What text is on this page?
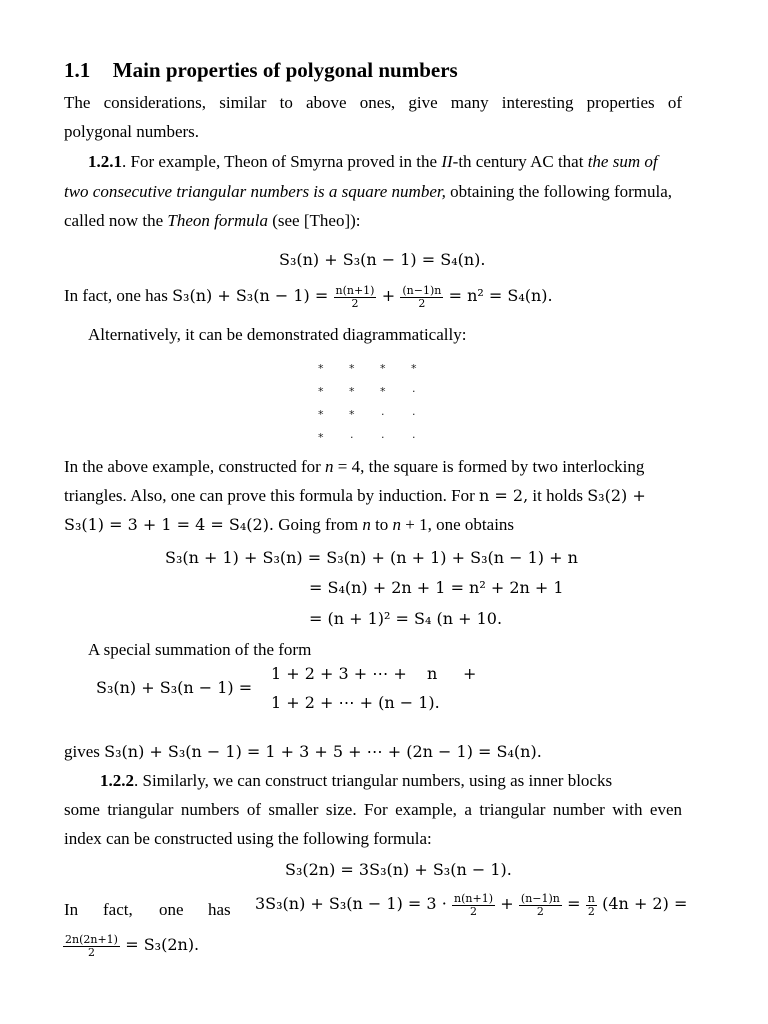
1.1 Main properties of polygonal numbers
The considerations, similar to above ones, give many interesting properties of
polygonal numbers.
1.2.1. For example, Theon of Smyrna proved in the II-th century AC that the sum of
two consecutive triangular numbers is a square number, obtaining the following formula,
called now the Theon formula (see [Theo]):
S₃(n) + S₃(n − 1) = S₄(n).
In fact, one has $S_3(n) + S_3(n - 1) = \frac{n(n+1)}{2} + \frac{(n-1)n}{2} = n^2 = S_4(n)$.
Alternatively, it can be demonstrated diagrammatically:
* * * *
* * * ·
* * ·	·
* ·	·	·
In the above example, constructed for n = 4, the square is formed by two interlocking
triangles. Also, one can prove this formula by induction. For n = 2, it holds S₃(2) +
S₃(1) = 3 + 1 = 4 = S₄(2). Going from n to n + 1, one obtains
S₃(n + 1) + S₃(n) = S₃(n) + (n + 1) + S₃(n − 1) + n
= S₄(n) + 2n + 1 = n² + 2n + 1
= (n + 1)² = S₄ (n + 10.
A special summation of the form
1 + 2 + 3 + ⋯ + n +
S₃(n) + S₃(n − 1) =
1 + 2 + ⋯ + (n − 1).
gives S₃(n) + S₃(n − 1) = 1 + 3 + 5 + ⋯ + (2n − 1) = S₄(n).
1.2.2. Similarly, we can construct triangular numbers, using as inner blocks
some triangular numbers of smaller size. For example, a triangular number with even
index can be constructed using the following formula:
S₃(2n) = 3S₃(n) + S₃(n − 1).
In fact, one has $3S_3(n) + S_3(n - 1) = 3 \cdot \frac{n(n+1)}{2} + \frac{(n-1)n}{2} = \frac{n}{2} (4n + 2)$ =
$\frac{2n(2n+1)}{2} = S_3(2n)$.
